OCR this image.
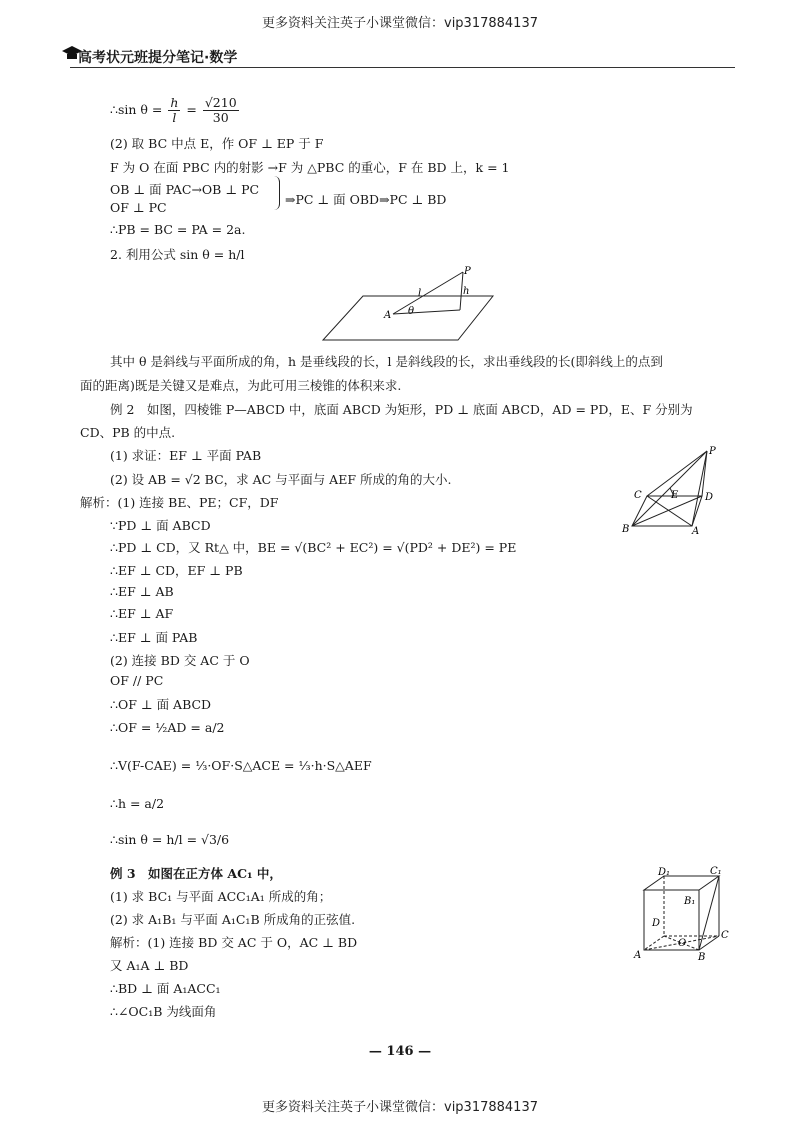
更多资料关注英子小课堂微信：vip317884137
高考状元班提分笔记·数学
∴sin $\theta = \frac{h}{l} = \frac{√210}{30}$
(2) 取 BC 中点 E，作 OF ⊥ EP 于 F
F 为 O 在面 PBC 内的射影 →F 为 △PBC 的重心，F 在 BD 上，k = 1
OB ⊥ 面 PAC→OB ⊥ PC
OF ⊥ PC
⇒PC ⊥ 面 OBD⇒PC ⊥ BD
∴PB = BC = PA = 2a.
2. 利用公式 sin θ = h/l
P
A
l	h
θ
其中 θ 是斜线与平面所成的角，h 是垂线段的长，l 是斜线段的长，求出垂线段的长(即斜线上的点到
面的距离)既是关键又是难点，为此可用三棱锥的体积来求.
例 2　如图，四棱锥 P—ABCD 中，底面 ABCD 为矩形，PD ⊥ 底面 ABCD，AD = PD，E、F 分别为
CD、PB 的中点.
(1) 求证：EF ⊥ 平面 PAB
(2) 设 AB = √2 BC，求 AC 与平面与 AEF 所成的角的大小.
P
C	D
B	A
E
解析：(1) 连接 BE、PE；CF，DF
∵PD ⊥ 面 ABCD
∴PD ⊥ CD，又 Rt△ 中，BE = √(BC² + EC²) = √(PD² + DE²) = PE
∴EF ⊥ CD，EF ⊥ PB
∴EF ⊥ AB
∴EF ⊥ AF
∴EF ⊥ 面 PAB
(2) 连接 BD 交 AC 于 O
OF // PC
∴OF ⊥ 面 ABCD
∴OF = ½AD = a/2
∴V(F-CAE) = ⅓·OF·S△ACE = ⅓·h·S△AEF
∴h = a/2
∴sin θ = h/l = √3/6
例 3　如图在正方体 AC₁ 中，
(1) 求 BC₁ 与平面 ACC₁A₁ 所成的角；
(2) 求 A₁B₁ 与平面 A₁C₁B 所成角的正弦值.
解析：(1) 连接 BD 交 AC 于 O，AC ⊥ BD
又 A₁A ⊥ BD
∴BD ⊥ 面 A₁ACC₁
∴∠OC₁B 为线面角
D₁	C₁
B₁
D
C
A	B
O
— 146 —
更多资料关注英子小课堂微信：vip317884137
